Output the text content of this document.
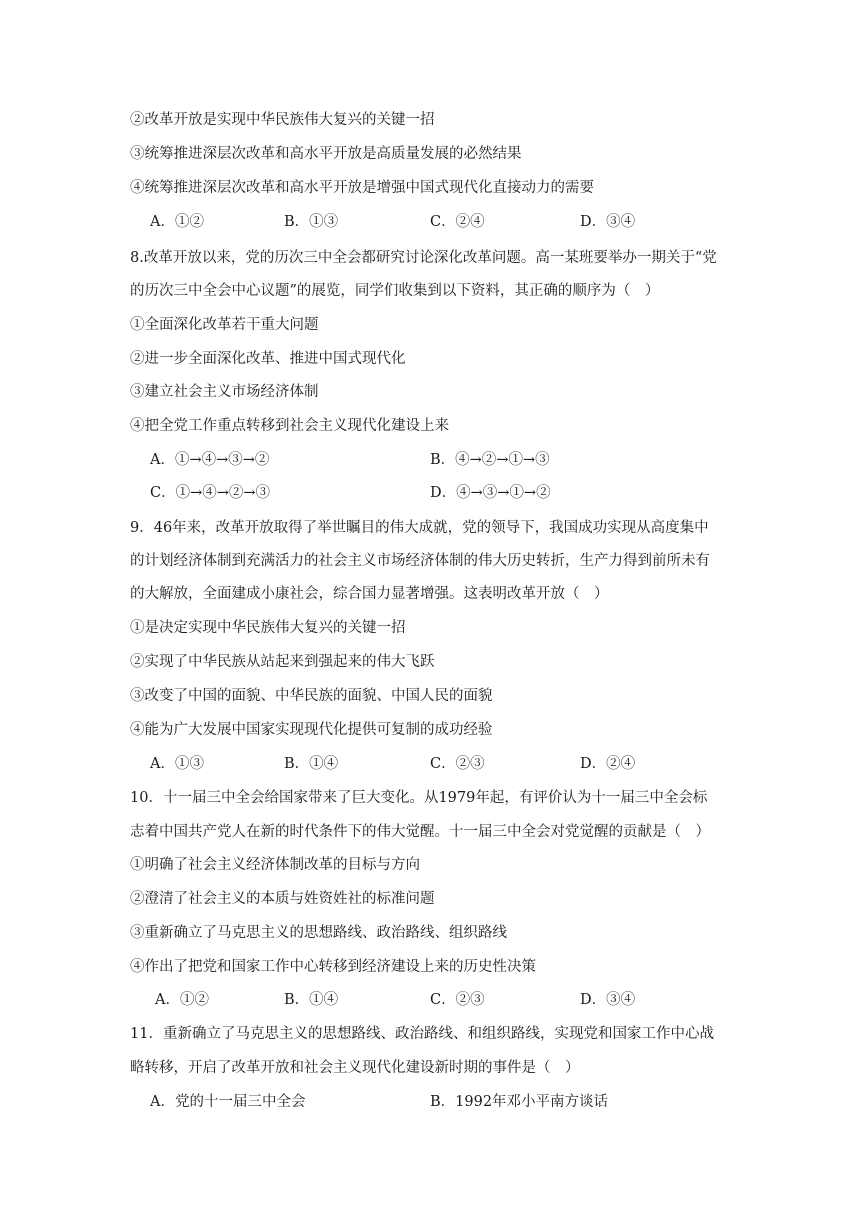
②改革开放是实现中华民族伟大复兴的关键一招
③统筹推进深层次改革和高水平开放是高质量发展的必然结果
④统筹推进深层次改革和高水平开放是增强中国式现代化直接动力的需要
A．①②	B．①③	C．②④	D．③④
8.改革开放以来，党的历次三中全会都研究讨论深化改革问题。高一某班要举办一期关于“党
的历次三中全会中心议题”的展览，同学们收集到以下资料，其正确的顺序为（　）
①全面深化改革若干重大问题
②进一步全面深化改革、推进中国式现代化
③建立社会主义市场经济体制
④把全党工作重点转移到社会主义现代化建设上来
A．①→④→③→②	B．④→②→①→③
C．①→④→②→③	D．④→③→①→②
9．46年来，改革开放取得了举世瞩目的伟大成就，党的领导下，我国成功实现从高度集中
的计划经济体制到充满活力的社会主义市场经济体制的伟大历史转折，生产力得到前所未有
的大解放，全面建成小康社会，综合国力显著增强。这表明改革开放（　）
①是决定实现中华民族伟大复兴的关键一招
②实现了中华民族从站起来到强起来的伟大飞跃
③改变了中国的面貌、中华民族的面貌、中国人民的面貌
④能为广大发展中国家实现现代化提供可复制的成功经验
A．①③	B．①④	C．②③	D．②④
10．十一届三中全会给国家带来了巨大变化。从1979年起，有评价认为十一届三中全会标
志着中国共产党人在新的时代条件下的伟大觉醒。十一届三中全会对党觉醒的贡献是（　）
①明确了社会主义经济体制改革的目标与方向
②澄清了社会主义的本质与姓资姓社的标准问题
③重新确立了马克思主义的思想路线、政治路线、组织路线
④作出了把党和国家工作中心转移到经济建设上来的历史性决策
A．①②	B．①④	C．②③	D．③④
11．重新确立了马克思主义的思想路线、政治路线、和组织路线，实现党和国家工作中心战
略转移，开启了改革开放和社会主义现代化建设新时期的事件是（　）
A．党的十一届三中全会	B．1992年邓小平南方谈话
